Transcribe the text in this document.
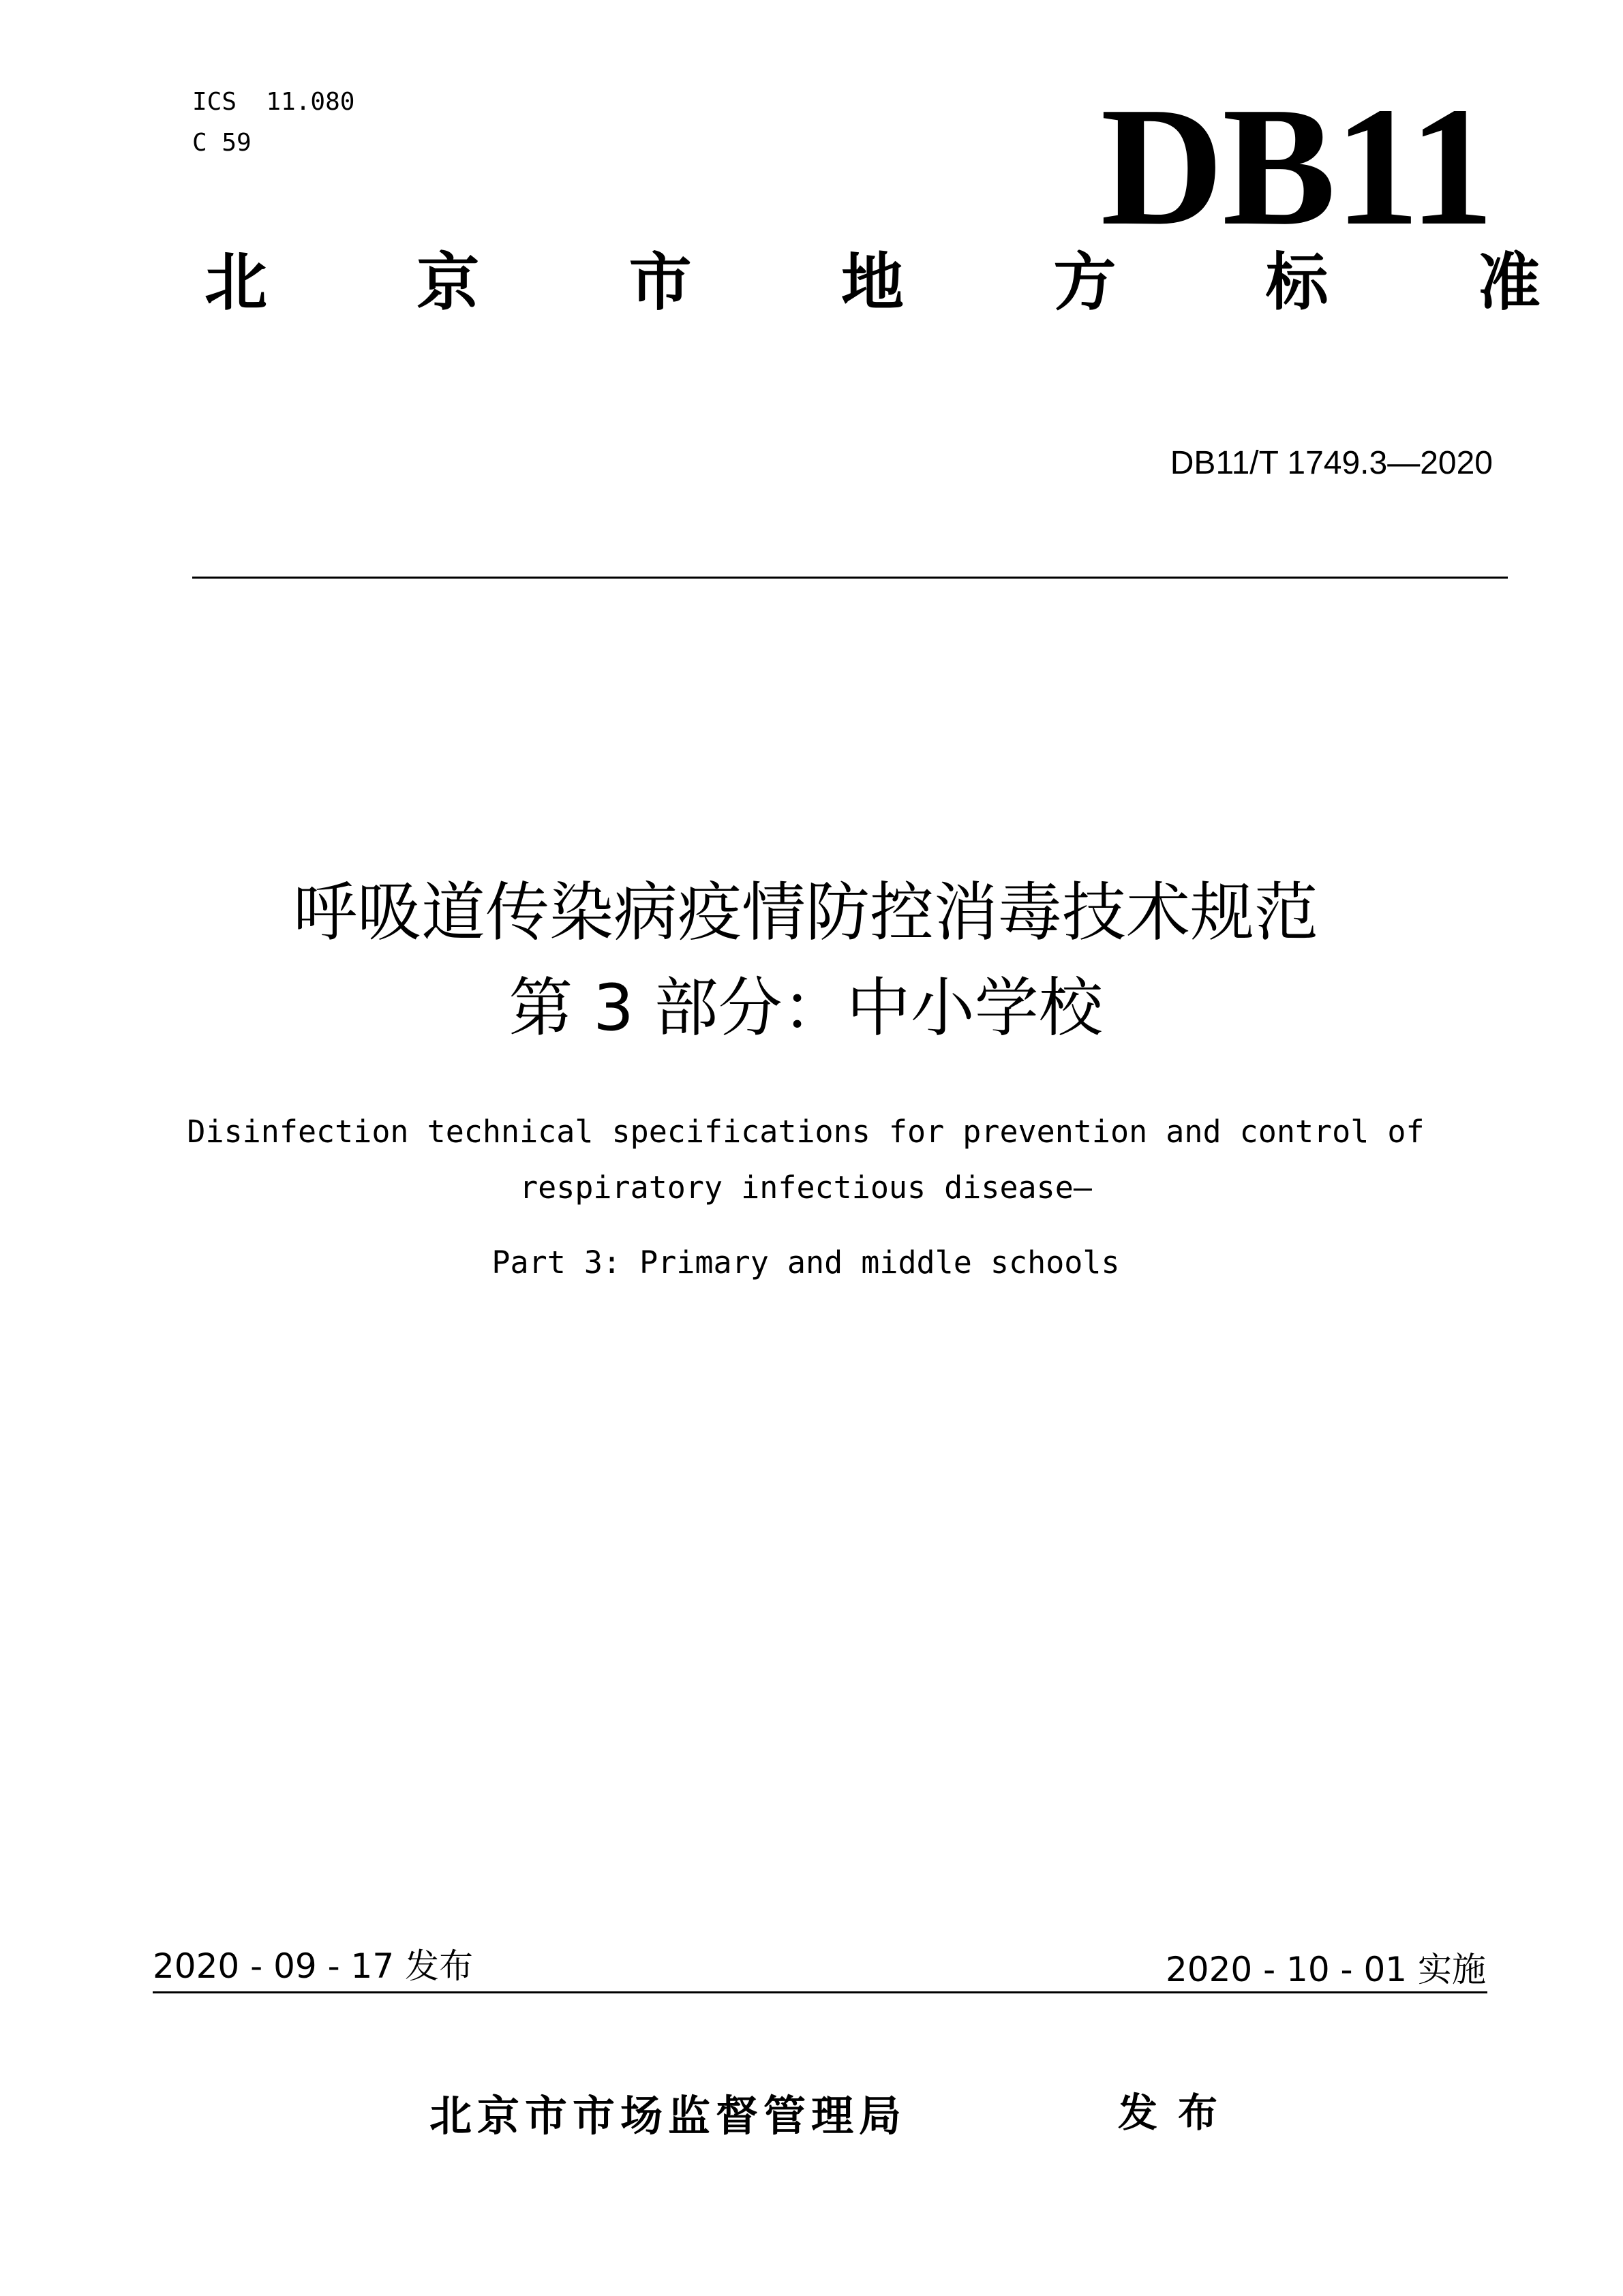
ICS  11.080
C 59	DB11
北 京 市 地 方 标 准
DB11/T 1749.3—2020
呼吸道传染病疫情防控消毒技术规范
第 3 部分：中小学校
Disinfection technical specifications for prevention and control of
respiratory infectious disease—
Part 3: Primary and middle schools
2020 - 09 - 17 发布	2020 - 10 - 01 实施
北京市市场监督管理局	发布
